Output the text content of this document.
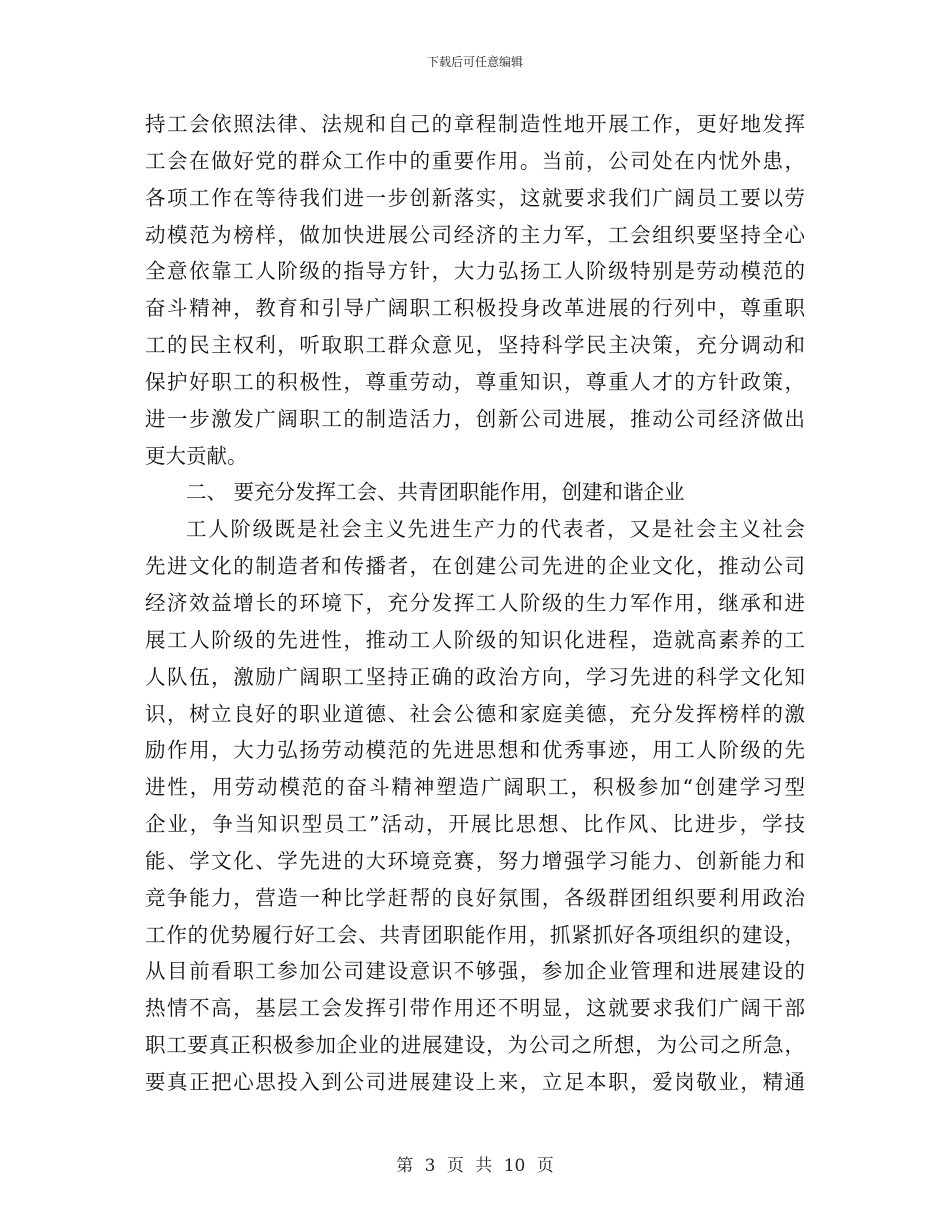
下载后可任意编辑
持工会依照法律、法规和自己的章程制造性地开展工作，更好地发挥
工会在做好党的群众工作中的重要作用。当前，公司处在内忧外患，
各项工作在等待我们进一步创新落实，这就要求我们广阔员工要以劳
动模范为榜样，做加快进展公司经济的主力军，工会组织要坚持全心
全意依靠工人阶级的指导方针，大力弘扬工人阶级特别是劳动模范的
奋斗精神，教育和引导广阔职工积极投身改革进展的行列中，尊重职
工的民主权利，听取职工群众意见，坚持科学民主决策，充分调动和
保护好职工的积极性，尊重劳动，尊重知识，尊重人才的方针政策，
进一步激发广阔职工的制造活力，创新公司进展，推动公司经济做出
更大贡献。
二、 要充分发挥工会、共青团职能作用，创建和谐企业
工人阶级既是社会主义先进生产力的代表者，又是社会主义社会
先进文化的制造者和传播者，在创建公司先进的企业文化，推动公司
经济效益增长的环境下，充分发挥工人阶级的生力军作用，继承和进
展工人阶级的先进性，推动工人阶级的知识化进程，造就高素养的工
人队伍，激励广阔职工坚持正确的政治方向，学习先进的科学文化知
识，树立良好的职业道德、社会公德和家庭美德，充分发挥榜样的激
励作用，大力弘扬劳动模范的先进思想和优秀事迹，用工人阶级的先
进性，用劳动模范的奋斗精神塑造广阔职工，积极参加“创建学习型
企业，争当知识型员工”活动，开展比思想、比作风、比进步，学技
能、学文化、学先进的大环境竞赛，努力增强学习能力、创新能力和
竞争能力，营造一种比学赶帮的良好氛围，各级群团组织要利用政治
工作的优势履行好工会、共青团职能作用，抓紧抓好各项组织的建设，
从目前看职工参加公司建设意识不够强，参加企业管理和进展建设的
热情不高，基层工会发挥引带作用还不明显，这就要求我们广阔干部
职工要真正积极参加企业的进展建设，为公司之所想，为公司之所急，
要真正把心思投入到公司进展建设上来，立足本职，爱岗敬业，精通
第 3 页 共 10 页
